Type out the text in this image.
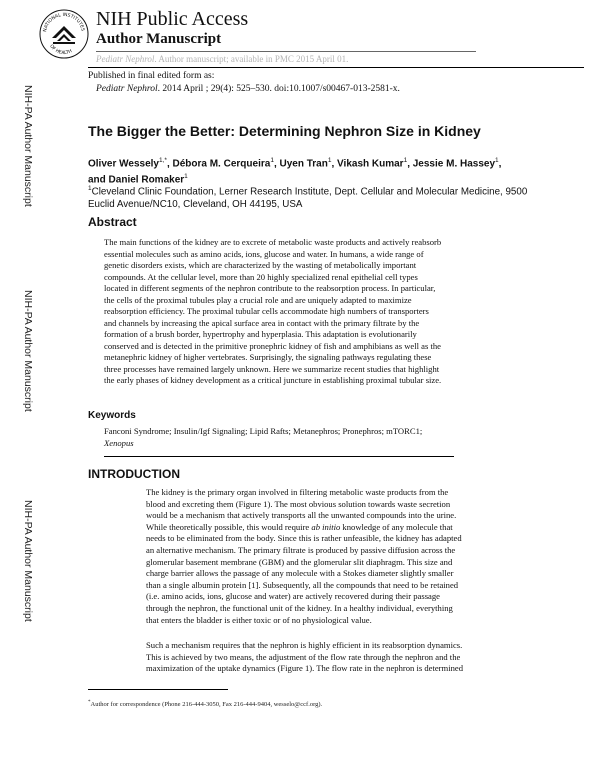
NIH-PA Author Manuscript
NIH-PA Author Manuscript
NIH-PA Author Manuscript
NATIONAL INSTITUTES
OF HEALTH
NIH Public Access
Author Manuscript
Pediatr Nephrol. Author manuscript; available in PMC 2015 April 01.
Published in final edited form as:
Pediatr Nephrol. 2014 April ; 29(4): 525–530. doi:10.1007/s00467-013-2581-x.
The Bigger the Better: Determining Nephron Size in Kidney
Oliver Wessely$^{1,*}$, Débora M. Cerqueira$^1$, Uyen Tran$^1$, Vikash Kumar$^1$, Jessie M. Hassey$^1$,
and Daniel Romaker$^1$
$^1$Cleveland Clinic Foundation, Lerner Research Institute, Dept. Cellular and Molecular Medicine, 9500 Euclid Avenue/NC10, Cleveland, OH 44195, USA
Abstract
The main functions of the kidney are to excrete of metabolic waste products and actively reabsorb
essential molecules such as amino acids, ions, glucose and water. In humans, a wide range of
genetic disorders exists, which are characterized by the wasting of metabolically important
compounds. At the cellular level, more than 20 highly specialized renal epithelial cell types
located in different segments of the nephron contribute to the reabsorption process. In particular,
the cells of the proximal tubules play a crucial role and are uniquely adapted to maximize
reabsorption efficiency. The proximal tubular cells accommodate high numbers of transporters
and channels by increasing the apical surface area in contact with the primary filtrate by the
formation of a brush border, hypertrophy and hyperplasia. This adaptation is evolutionarily
conserved and is detected in the primitive pronephric kidney of fish and amphibians as well as the
metanephric kidney of higher vertebrates. Surprisingly, the signaling pathways regulating these
three processes have remained largely unknown. Here we summarize recent studies that highlight
the early phases of kidney development as a critical juncture in establishing proximal tubular size.
Keywords
Fanconi Syndrome; Insulin/Igf Signaling; Lipid Rafts; Metanephros; Pronephros; mTORC1;
Xenopus
INTRODUCTION
The kidney is the primary organ involved in filtering metabolic waste products from the
blood and excreting them (Figure 1). The most obvious solution towards waste secretion
would be a mechanism that actively transports all the unwanted compounds into the urine.
While theoretically possible, this would require ab initio knowledge of any molecule that
needs to be eliminated from the body. Since this is rather unfeasible, the kidney has adapted
an alternative mechanism. The primary filtrate is produced by passive diffusion across the
glomerular basement membrane (GBM) and the glomerular slit diaphragm. This size and
charge barrier allows the passage of any molecule with a Stokes diameter slightly smaller
than a single albumin protein [1]. Subsequently, all the compounds that need to be retained
(i.e. amino acids, ions, glucose and water) are actively recovered during their passage
through the nephron, the functional unit of the kidney. In a healthy individual, everything
that enters the bladder is either toxic or of no physiological value.
Such a mechanism requires that the nephron is highly efficient in its reabsorption dynamics.
This is achieved by two means, the adjustment of the flow rate through the nephron and the
maximization of the uptake dynamics (Figure 1). The flow rate in the nephron is determined
*Author for correspondence (Phone 216-444-3050, Fax 216-444-9404, wesselo@ccf.org).
